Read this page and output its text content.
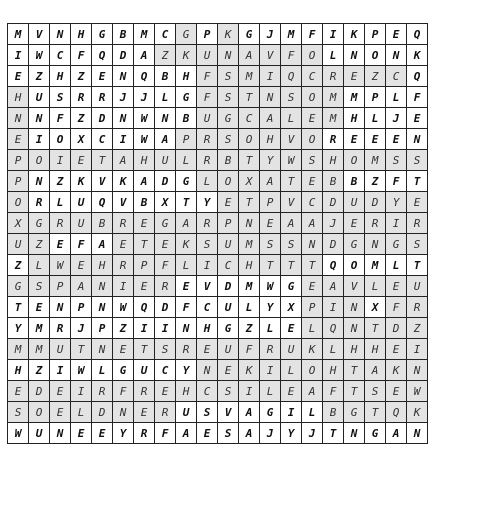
M	V	N	H	G	B	M	C	G	P	K	G	J	M	F	I	K	P	E	Q
I	W	C	F	Q	D	A	Z	K	U	N	A	V	F	O	L	N	O	N	K
E	Z	H	Z	E	N	Q	B	H	F	S	M	I	Q	C	R	E	Z	C	Q
H	U	S	R	R	J	J	L	G	F	S	T	N	S	O	M	M	P	L	F
N	N	F	Z	D	N	W	N	B	U	G	C	A	L	E	M	H	L	J	E
E	I	O	X	C	I	W	A	P	R	S	O	H	V	O	R	E	E	E	N
P	O	I	E	T	A	H	U	L	R	B	T	Y	W	S	H	O	M	S	S
P	N	Z	K	V	K	A	D	G	L	O	X	A	T	E	B	B	Z	F	T
O	R	L	U	Q	V	B	X	T	Y	E	T	P	V	C	D	U	D	Y	E
X	G	R	U	B	R	E	G	A	R	P	N	E	A	A	J	E	R	I	R
U	Z	E	F	A	E	T	E	K	S	U	M	S	S	N	D	G	N	G	S
Z	L	W	E	H	R	P	F	L	I	C	H	T	T	T	Q	O	M	L	T
G	S	P	A	N	I	E	R	E	V	D	M	W	G	E	A	V	L	E	U
T	E	N	P	N	W	Q	D	F	C	U	L	Y	X	P	I	N	X	F	R
Y	M	R	J	P	Z	I	I	N	H	G	Z	L	E	L	Q	N	T	D	Z
M	M	U	T	N	E	T	S	R	E	U	F	R	U	K	L	H	H	E	I
H	Z	I	W	L	G	U	C	Y	N	E	K	I	L	O	H	T	A	K	N
E	D	E	I	R	F	R	E	H	C	S	I	L	E	A	F	T	S	E	W
S	O	E	L	D	N	E	R	U	S	V	A	G	I	L	B	G	T	Q	K
W	U	N	E	E	Y	R	F	A	E	S	A	J	Y	J	T	N	G	A	N
